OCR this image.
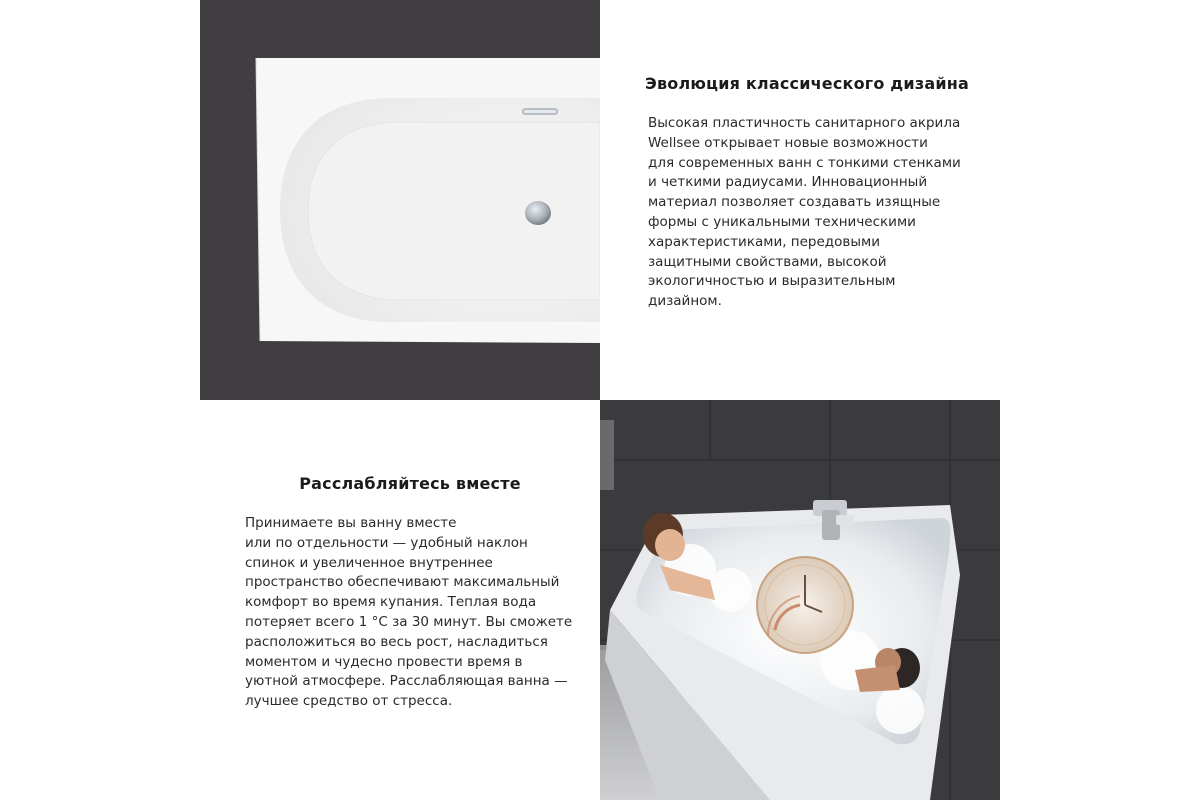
Эволюция классического дизайна
Высокая пластичность санитарного акрила
Wellsee открывает новые возможности
для современных ванн с тонкими стенками
и четкими радиусами. Инновационный
материал позволяет создавать изящные
формы с уникальными техническими
характеристиками, передовыми
защитными свойствами, высокой
экологичностью и выразительным
дизайном.
Расслабляйтесь вместе
Принимаете вы ванну вместе
или по отдельности — удобный наклон
спинок и увеличенное внутреннее
пространство обеспечивают максимальный
комфорт во время купания. Теплая вода
потеряет всего 1 °С за 30 минут. Вы сможете
расположиться во весь рост, насладиться
моментом и чудесно провести время в
уютной атмосфере. Расслабляющая ванна —
лучшее средство от стресса.
